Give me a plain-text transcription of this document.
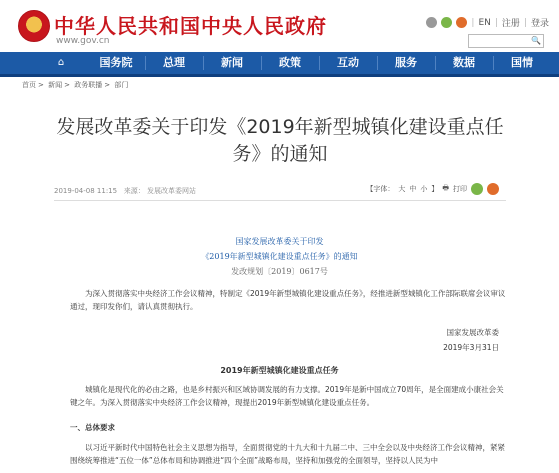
中华人民共和国中央人民政府
www.gov.cn
| EN | 注册 | 登录
🔍
⌂	国务院	总理	新闻	政策	互动	服务	数据	国情
首页 > 新闻 > 政务联播 > 部门
发展改革委关于印发《2019年新型城镇化建设重点任
务》的通知
2019-04-08 11:15 来源： 发展改革委网站	【字体： 大 中 小 】 🖶 打印
国家发展改革委关于印发
《2019年新型城镇化建设重点任务》的通知
发改规划〔2019〕0617号
为深入贯彻落实中央经济工作会议精神，特制定《2019年新型城镇化建设重点任务》，经推进新型城镇化工作部际联席会议审议通过，现印发你们，请认真贯彻执行。
国家发展改革委
2019年3月31日
2019年新型城镇化建设重点任务
城镇化是现代化的必由之路，也是乡村振兴和区域协调发展的有力支撑。2019年是新中国成立70周年，是全面建成小康社会关键之年。为深入贯彻落实中央经济工作会议精神，现提出2019年新型城镇化建设重点任务。
一、总体要求
以习近平新时代中国特色社会主义思想为指导，全面贯彻党的十九大和十九届二中、三中全会以及中央经济工作会议精神，紧紧围绕统筹推进“五位一体”总体布局和协调推进“四个全面”战略布局，坚持和加强党的全面领导，坚持以人民为中
